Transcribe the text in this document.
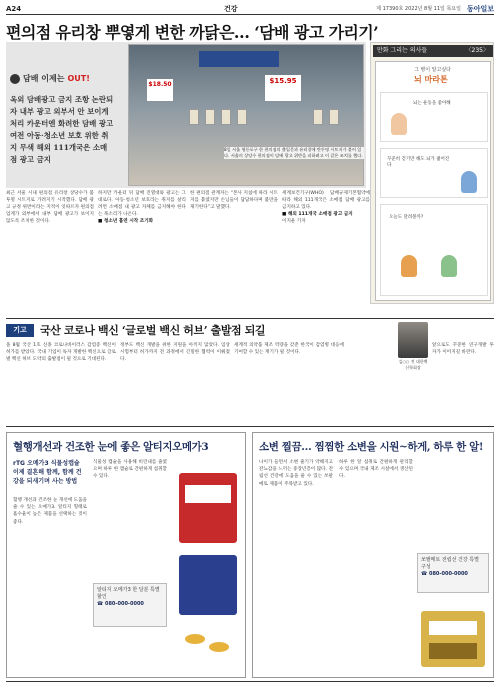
A24	건강	제 17390호 2022년 8월 11일 목요일 동아일보
편의점 유리창 뿌옇게 변한 까닭은… ‘담배 광고 가리기’
담배 이제는 OUT!
옥외 담배광고 금지 조항 논란되자 내부 광고 외부서 안 보이게 처리 카운터엔 화려한 담배 광고 여전 아동·청소년 보호 위한 취지 무색 해외 111개국은 소매점 광고 금지
$18.50	$15.95
8일 서울 영등포구 한 편의점의 출입문과 유리창에 반투명 시트지가 붙어 있다. 서울의 상당수 편의점이 담배 광고 위반을 피하려고 이 같은 조치를 했다.
만화 그리는 의사들	〈235〉
그 병이 알고싶다
뇌 마라톤
뇌는 운동을 좋아해
꾸준히 걷기만 해도 뇌가 젊어진다
오늘도 달려볼까?
최근 서울 시내 편의점 유리창 상당수가 불투명 시트지로 가려지기 시작했다. 담배 광고 규정 위반이라는 지적이 잇따르자 편의점 업계가 외부에서 내부 담배 광고가 보이지 않도록 조치한 것이다.
하지만 카운터 뒤 담배 진열대와 광고는 그대로다. 아동·청소년 보호라는 취지를 살리려면 소매점 내 광고 자체를 금지해야 한다는 목소리가 나온다.
■ 청소년 흡연 시작 조기화
한 편의점 관계자는 “본사 지침에 따라 시트지를 붙였지만 손님들이 답답하다며 불만을 제기한다”고 말했다.
세계보건기구(WHO) 담배규제기본협약에 따라 해외 111개국은 소매점 담배 광고를 금지하고 있다.
■ 해외 111개국 소매점 광고 금지
이지운 기자
기고	국산 코로나 백신 ‘글로벌 백신 허브’ 출발점 되길
올 8월 국산 1호 신종 코로나바이러스 감염증 백신이 허가를 받았다. 국내 기업이 독자 개발한 백신으로 글로벌 백신 허브 도약의 출발점이 될 것으로 기대된다.
정부도 백신 개발을 위한 지원을 아끼지 않았다. 임상 시험부터 허가까지 전 과정에서 긴밀한 협력이 이뤄졌다.
세계적 의약품 제조 역량을 갖춘 한국이 감염병 대응에 기여할 수 있는 계기가 될 것이다.
앞으로도 꾸준한 연구개발 투자가 이어지길 바란다.
김○○ 전 대한백신학회장
혈행개선과 건조한 눈에 좋은 알티지오메가3
rTG 오메가3 식물성캡슐 이제 결혼해 함께, 함께 건강을 되새기며 사는 방법
혈행 개선과 건조한 눈 개선에 도움을 줄 수 있는 오메가3. 알티지 형태로 흡수율이 높은 제품을 선택하는 것이 좋다.
식물성 캡슐을 사용해 비린내를 줄였으며 하루 한 캡슐로 간편하게 섭취할 수 있다.
알티지 오메가3 한 달분 특별 할인
☎ 080-000-0000
소변 찔끔… 찜찜한 소변을 시원~하게, 하루 한 알!
나이가 들면서 소변 줄기가 약해지고 잔뇨감을 느끼는 중장년층이 많다. 전립선 건강에 도움을 줄 수 있는 쏘팔메토 제품이 주목받고 있다.
하루 한 알 섭취로 간편하게 관리할 수 있으며 국내 제조 시설에서 생산된다.
쏘팔메토 전립선 건강 특별 구성
☎ 080-000-0000
